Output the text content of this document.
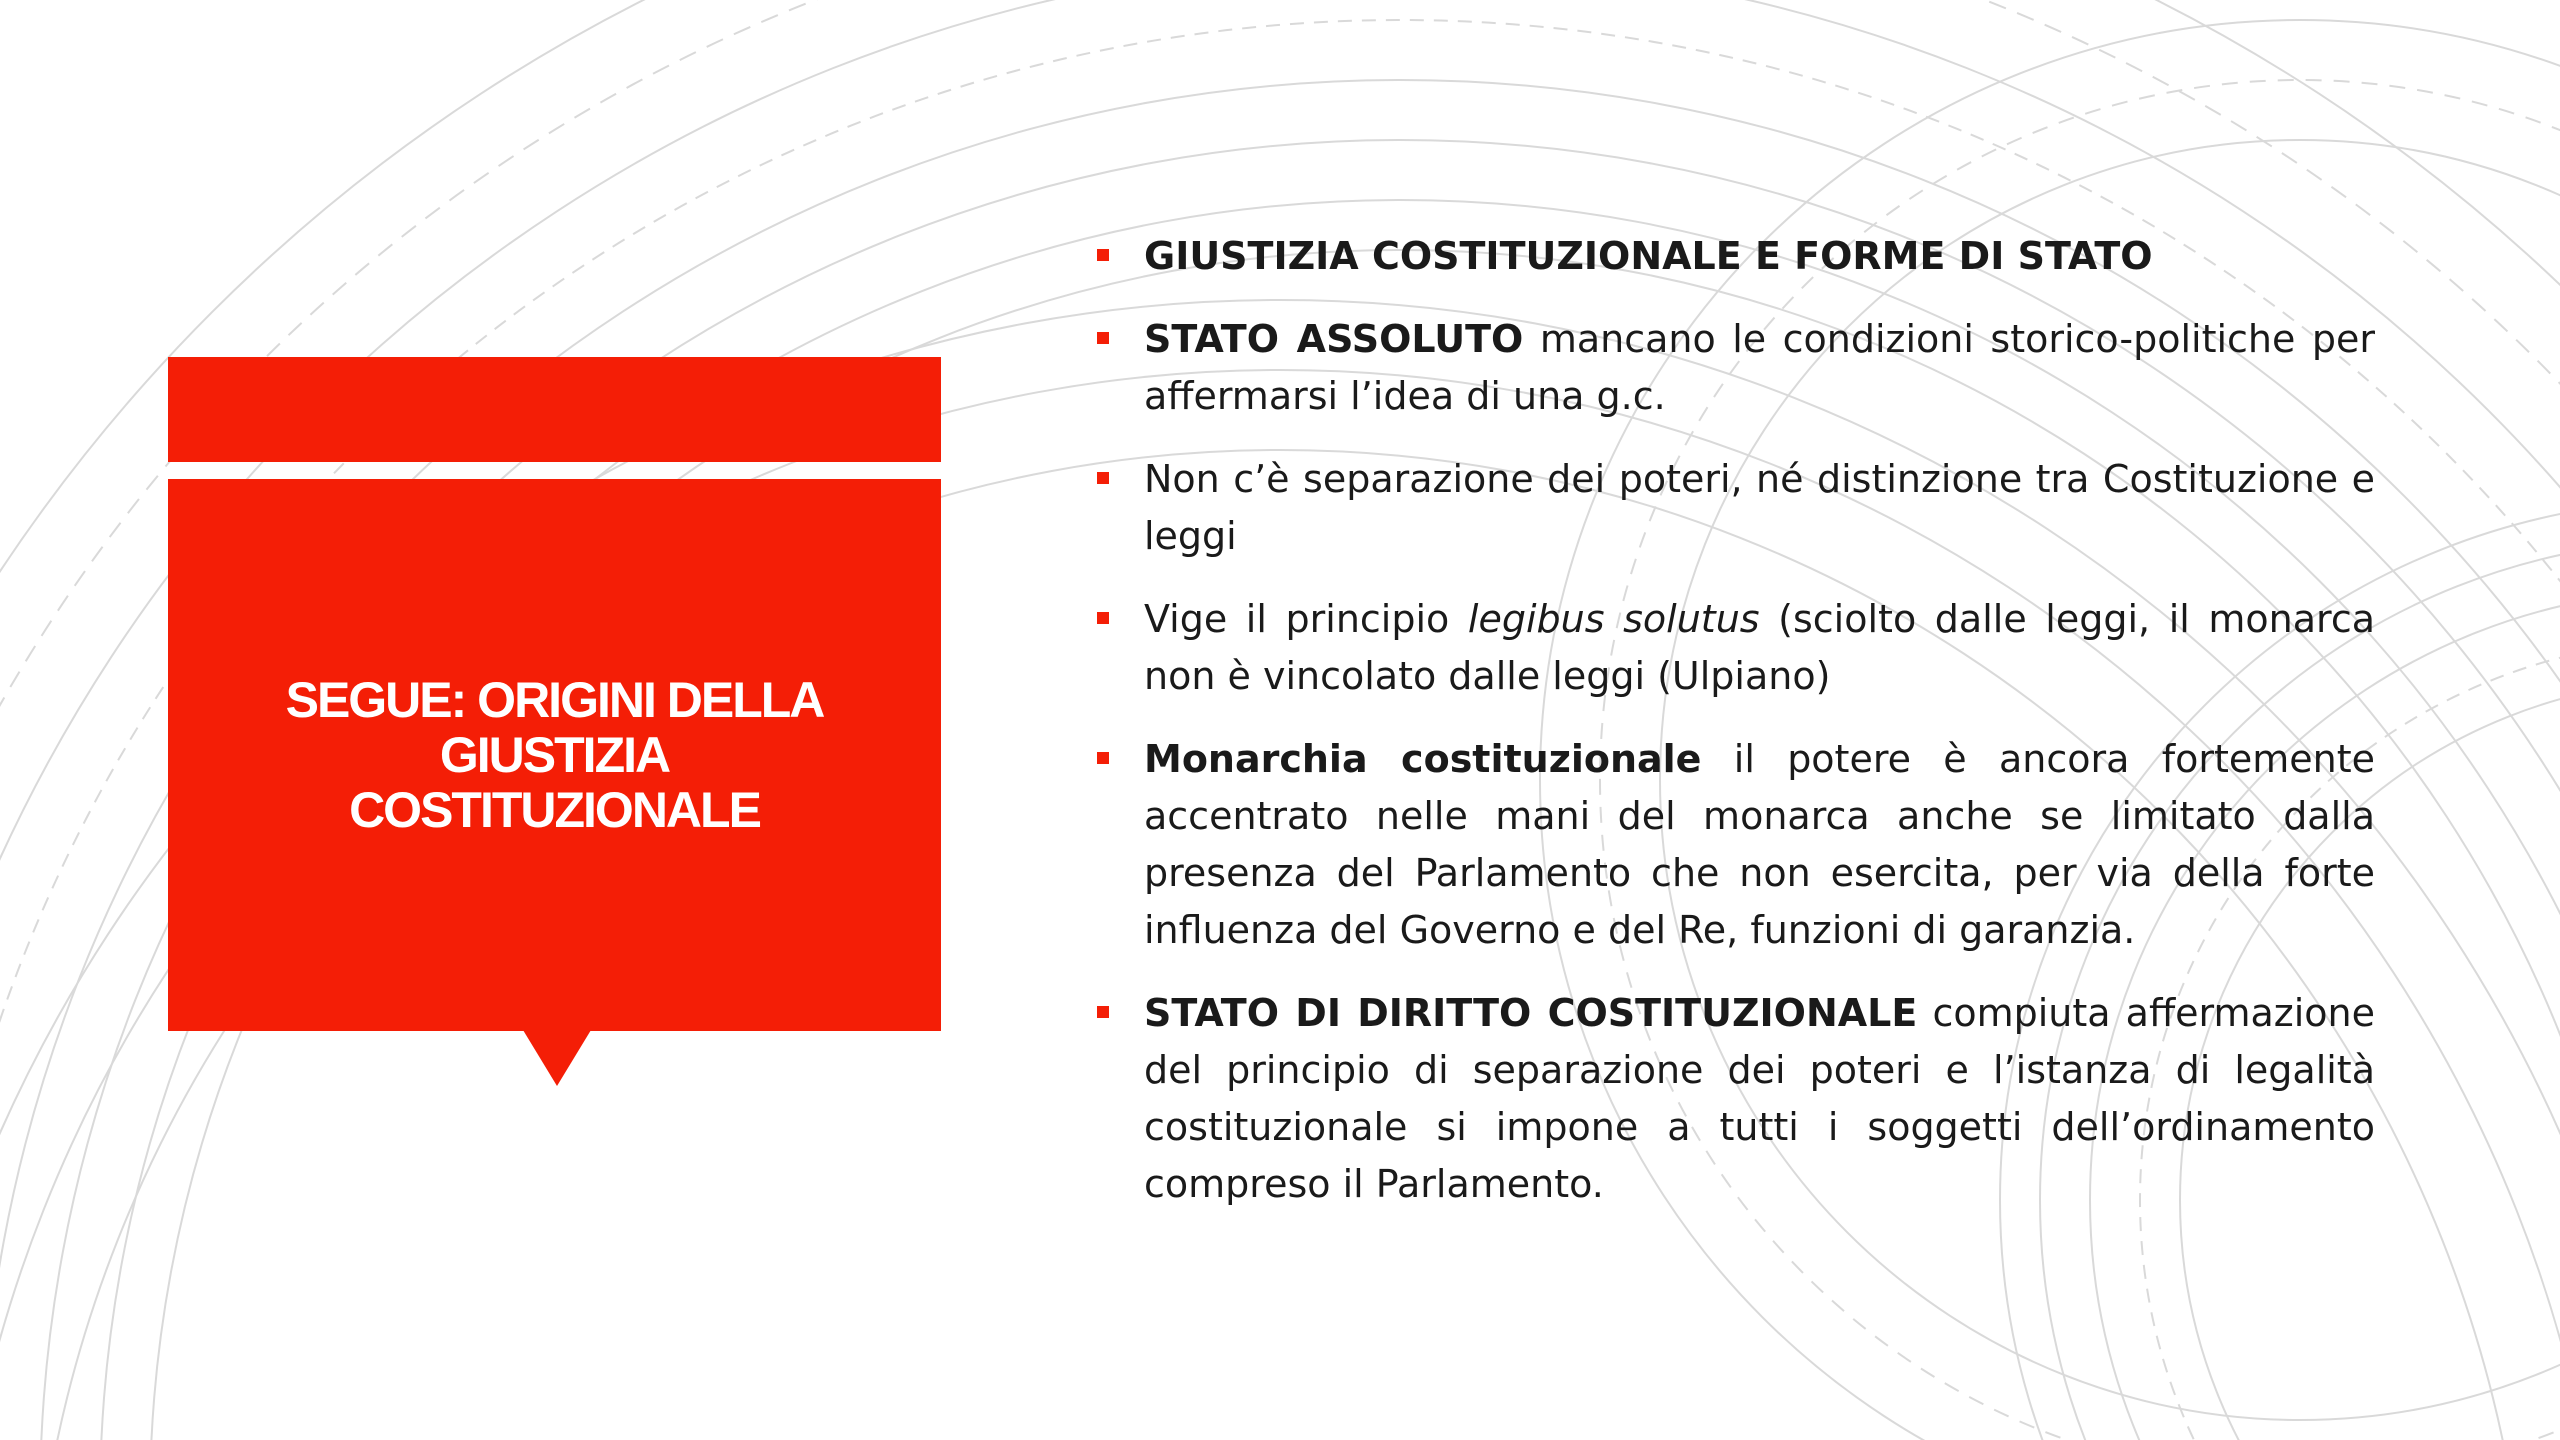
SEGUE: ORIGINI DELLA GIUSTIZIA COSTITUZIONALE
GIUSTIZIA COSTITUZIONALE E FORME DI STATO
STATO ASSOLUTO mancano le condizioni storico-politiche per affermarsi l’idea di una g.c.
Non c’è separazione dei poteri, né distinzione tra Costituzione e leggi
Vige il principio legibus solutus (sciolto dalle leggi, il monarca non è vincolato dalle leggi (Ulpiano)
Monarchia costituzionale il potere è ancora fortemente accentrato nelle mani del monarca anche se limitato dalla presenza del Parlamento che non esercita, per via della forte influenza del Governo e del Re, funzioni di garanzia.
STATO DI DIRITTO COSTITUZIONALE compiuta affermazione del principio di separazione dei poteri e l’istanza di legalità costituzionale si impone a tutti i soggetti dell’ordinamento compreso il Parlamento.
